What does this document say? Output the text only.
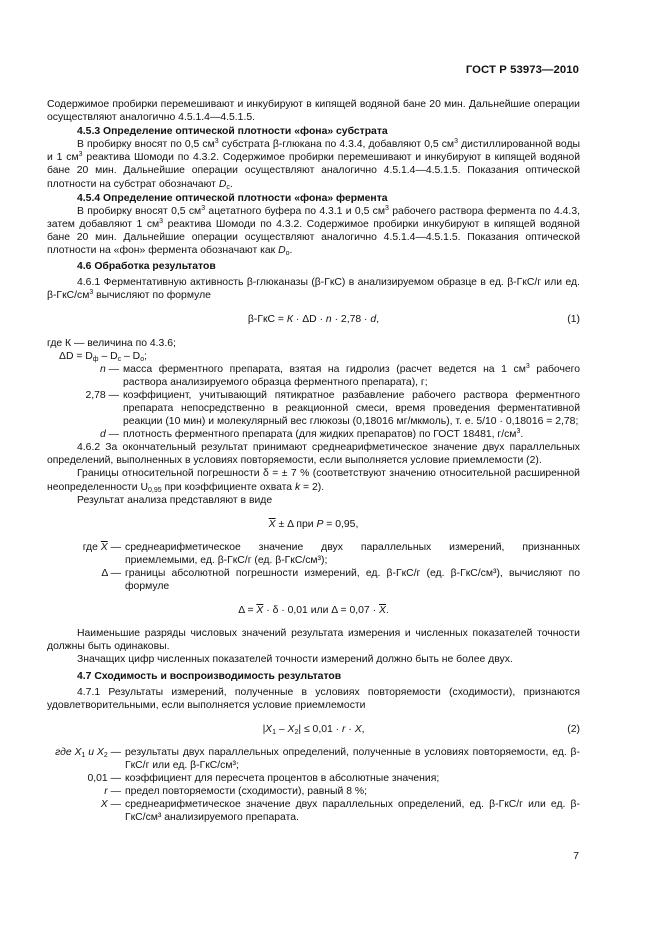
ГОСТ Р 53973—2010

Содержимое пробирки перемешивают и инкубируют в кипящей водяной бане 20 мин. Дальнейшие операции осуществляют аналогично 4.5.1.4—4.5.1.5.

4.5.3 Определение оптической плотности «фона» субстрата

В пробирку вносят по 0,5 $см^3$ субстрата β-глюкана по 4.3.4, добавляют 0,5 $см^3$ дистиллированной воды и 1 $см^3$ реактива Шомоди по 4.3.2. Содержимое пробирки перемешивают и инкубируют в кипящей водяной бане 20 мин. Дальнейшие операции осуществляют аналогично 4.5.1.4—4.5.1.5. Показания оптической плотности на субстрат обозначают $D_с$.

4.5.4 Определение оптической плотности «фона» фермента

В пробирку вносят 0,5 $см^3$ ацетатного буфера по 4.3.1 и 0,5 $см^3$ рабочего раствора фермента по 4.4.3, затем добавляют 1 $см^3$ реактива Шомоди по 4.3.2. Содержимое пробирки инкубируют в кипящей водяной бане 20 мин. Дальнейшие операции осуществляют аналогично 4.5.1.4—4.5.1.5. Показания оптической плотности на «фон» фермента обозначают как $D_о$.

4.6 Обработка результатов

4.6.1 Ферментативную активность β-глюканазы (β-ГкС) в анализируемом образце в ед. β-ГкС/г или ед. $\beta-ГкС/см^3$ вычисляют по формуле

β-ГкС = К · ΔD · n · 2,78 · d,	(1)

где К — величина по 4.3.6;

$\Delta D = D_ф - D_с - D_о$;

n — масса ферментного препарата, взятая на гидролиз (расчет ведется на 1 $см^3$ рабочего раствора анализируемого образца ферментного препарата), г;
2,78 — коэффициент, учитывающий пятикратное разбавление рабочего раствора ферментного препарата непосредственно в реакционной смеси, время проведения ферментативной реакции (10 мин) и молекулярный вес глюкозы (0,18016 мг/мкмоль), т. е. 5/10 · 0,18016 = 2,78;
d — плотность ферментного препарата (для жидких препаратов) по ГОСТ 18481, $г/см^3$.

4.6.2 За окончательный результат принимают среднеарифметическое значение двух параллельных определений, выполненных в условиях повторяемости, если выполняется условие приемлемости (2).

Границы относительной погрешности δ = ± 7 % (соответствуют значению относительной расширенной неопределенности $U_{0,95}$ при коэффициенте охвата k = 2).

Результат анализа представляют в виде

$\overline{X} \pm \Delta$ при P = 0,95,
где $\overline{X}$ — среднеарифметическое значение двух параллельных измерений, признанных приемлемыми, ед. β-ГкС/г (ед. β-ГкС/см³);
Δ — границы абсолютной погрешности измерений, ед. β-ГкС/г (ед. β-ГкС/см³), вычисляют по формуле
$\Delta = \overline{X} \cdot \delta \cdot 0,01$ или $\Delta = 0,07 \cdot \overline{X}$.

Наименьшие разряды числовых значений результата измерения и численных показателей точности должны быть одинаковы.

Значащих цифр численных показателей точности измерений должно быть не более двух.

4.7 Сходимость и воспроизводимость результатов

4.7.1 Результаты измерений, полученные в условиях повторяемости (сходимости), признаются удовлетворительными, если выполняется условие приемлемости

$|X_1 - X_2| \le 0,01 \cdot r \cdot X$,	(2)
где $X_1$ и $X_2$ — результаты двух параллельных определений, полученные в условиях повторяемости, ед. β-ГкС/г или ед. β-ГкС/см³;
0,01 — коэффициент для пересчета процентов в абсолютные значения;
r — предел повторяемости (сходимости), равный 8 %;
X — среднеарифметическое значение двух параллельных определений, ед. β-ГкС/г или ед. β-ГкС/см³ анализируемого препарата.
7
